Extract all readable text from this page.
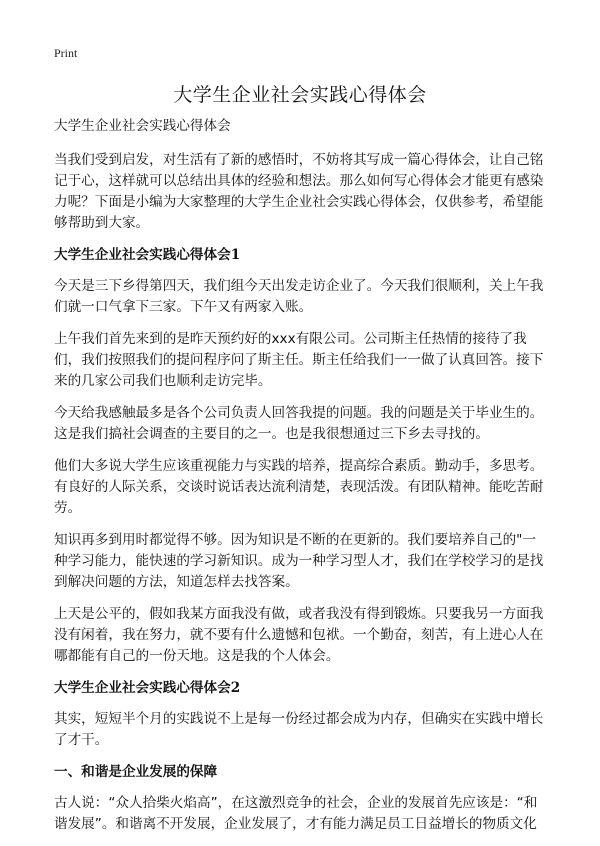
Print
大学生企业社会实践心得体会

大学生企业社会实践心得体会

当我们受到启发，对生活有了新的感悟时，不妨将其写成一篇心得体会，让自己铭记于心，这样就可以总结出具体的经验和想法。那么如何写心得体会才能更有感染力呢？下面是小编为大家整理的大学生企业社会实践心得体会，仅供参考，希望能够帮助到大家。

大学生企业社会实践心得体会1

今天是三下乡得第四天，我们组今天出发走访企业了。今天我们很顺利，关上午我们就一口气拿下三家。下午又有两家入账。

上午我们首先来到的是昨天预约好的xxx有限公司。公司斯主任热情的接待了我们，我们按照我们的提问程序问了斯主任。斯主任给我们一一做了认真回答。接下来的几家公司我们也顺利走访完毕。

今天给我感触最多是各个公司负责人回答我提的问题。我的问题是关于毕业生的。这是我们搞社会调查的主要目的之一。也是我很想通过三下乡去寻找的。

他们大多说大学生应该重视能力与实践的培养，提高综合素质。勤动手，多思考。有良好的人际关系，交谈时说话表达流利清楚，表现活泼。有团队精神。能吃苦耐劳。

知识再多到用时都觉得不够。因为知识是不断的在更新的。我们要培养自己的"一种学习能力，能快速的学习新知识。成为一种学习型人才，我们在学校学习的是找到解决问题的方法，知道怎样去找答案。

上天是公平的，假如我某方面我没有做，或者我没有得到锻炼。只要我另一方面我没有闲着，我在努力，就不要有什么遗憾和包袱。一个勤奋，刻苦，有上进心人在哪都能有自己的一份天地。这是我的个人体会。

大学生企业社会实践心得体会2

其实，短短半个月的实践说不上是每一份经过都会成为内存，但确实在实践中增长了才干。

一、和谐是企业发展的保障

古人说：“众人拾柴火焰高”，在这激烈竞争的社会，企业的发展首先应该是：“和谐发展”。和谐离不开发展，企业发展了，才有能力满足员工日益增长的物质文化
